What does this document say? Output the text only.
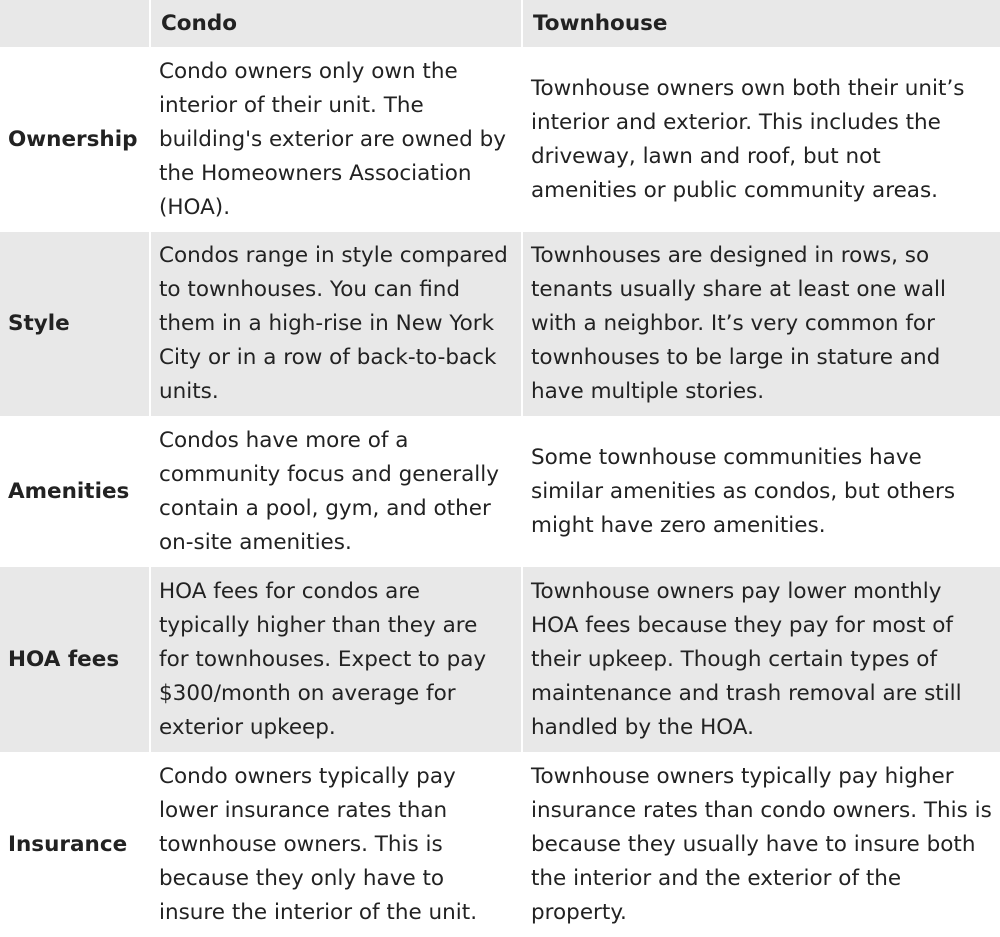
	Condo	Townhouse
Ownership	Condo owners only own the interior of their unit. The building's exterior are owned by the Homeowners Association (HOA).	Townhouse owners own both their unit’s interior and exterior. This includes the driveway, lawn and roof, but not amenities or public community areas.

Style	Condos range in style compared to townhouses. You can find them in a high-rise in New York City or in a row of back-to-back units.	Townhouses are designed in rows, so tenants usually share at least one wall with a neighbor. It’s very common for townhouses to be large in stature and have multiple stories.

Amenities	Condos have more of a community focus and generally contain a pool, gym, and other on-site amenities.	Some townhouse communities have similar amenities as condos, but others might have zero amenities.

HOA fees	HOA fees for condos are typically higher than they are for townhouses. Expect to pay $300/month on average for exterior upkeep.	Townhouse owners pay lower monthly HOA fees because they pay for most of their upkeep. Though certain types of maintenance and trash removal are still handled by the HOA.

Insurance	Condo owners typically pay lower insurance rates than townhouse owners. This is because they only have to insure the interior of the unit.	Townhouse owners typically pay higher insurance rates than condo owners. This is because they usually have to insure both the interior and the exterior of the property.
